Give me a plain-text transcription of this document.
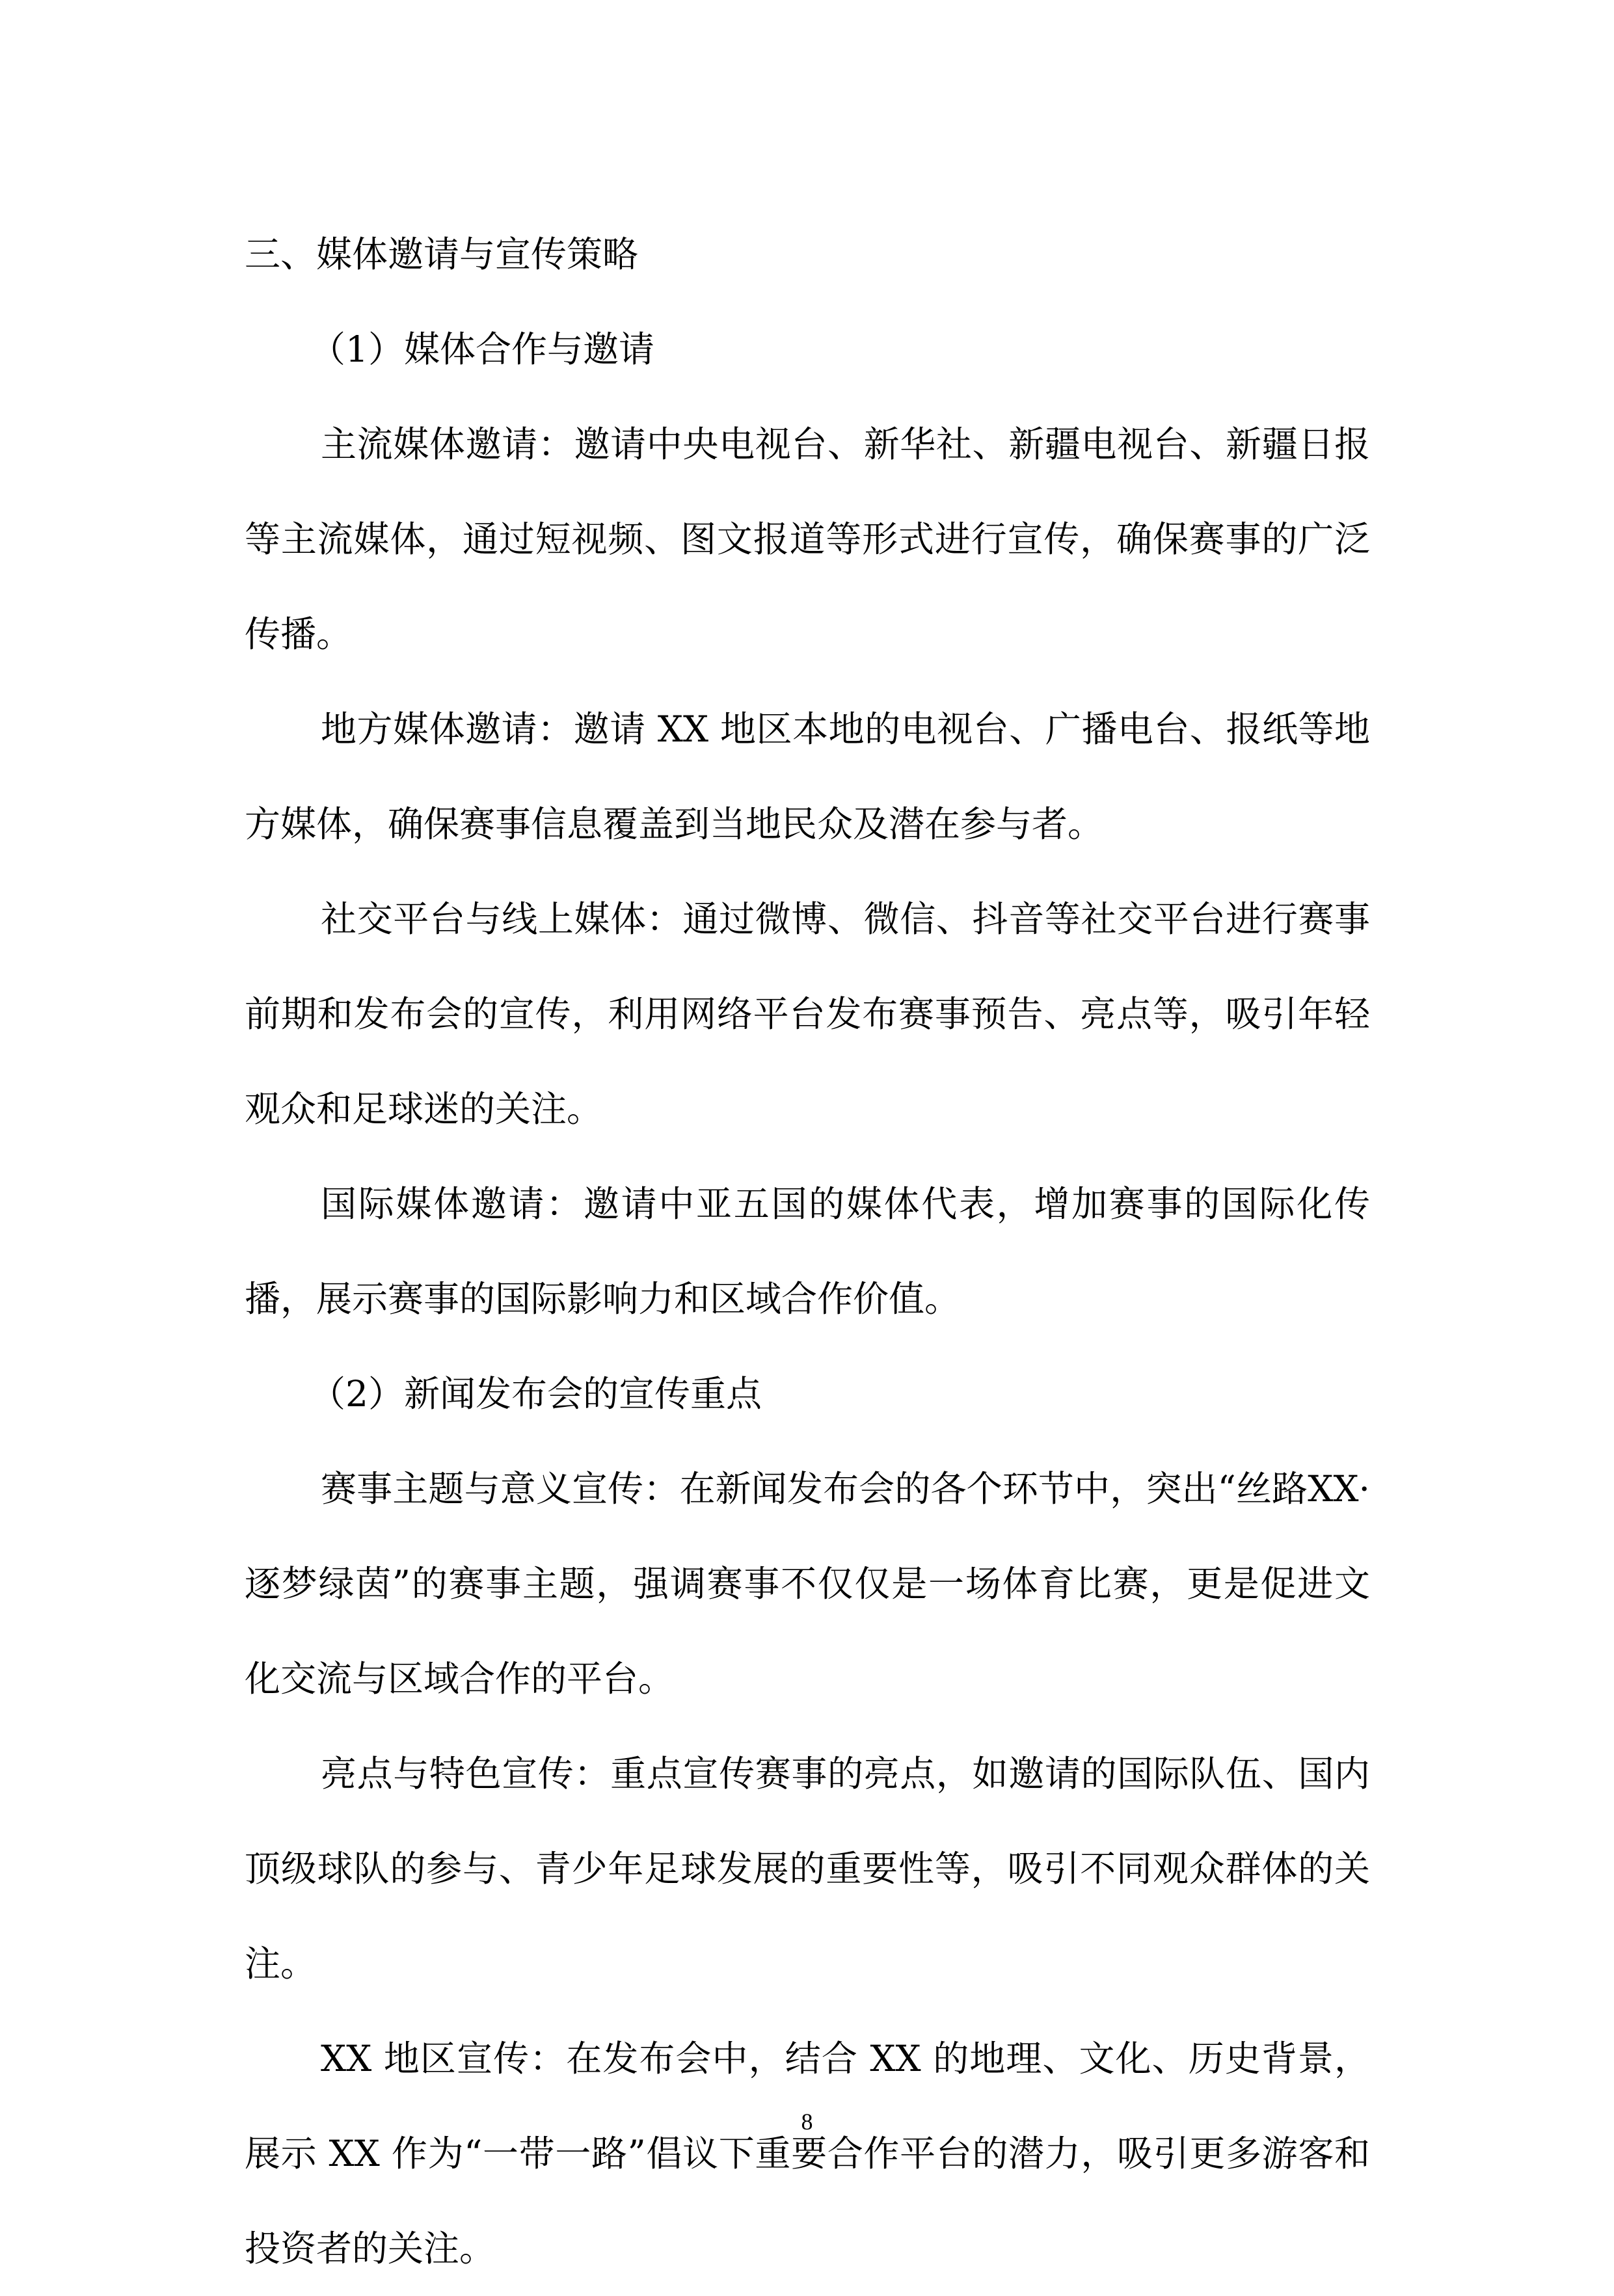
三、媒体邀请与宣传策略

（1）媒体合作与邀请

主流媒体邀请：邀请中央电视台、新华社、新疆电视台、新疆日报等主流媒体，通过短视频、图文报道等形式进行宣传，确保赛事的广泛传播。

地方媒体邀请：邀请 XX 地区本地的电视台、广播电台、报纸等地方媒体，确保赛事信息覆盖到当地民众及潜在参与者。

社交平台与线上媒体：通过微博、微信、抖音等社交平台进行赛事前期和发布会的宣传，利用网络平台发布赛事预告、亮点等，吸引年轻观众和足球迷的关注。

国际媒体邀请：邀请中亚五国的媒体代表，增加赛事的国际化传播，展示赛事的国际影响力和区域合作价值。

（2）新闻发布会的宣传重点

赛事主题与意义宣传：在新闻发布会的各个环节中，突出“丝路XX·逐梦绿茵”的赛事主题，强调赛事不仅仅是一场体育比赛，更是促进文化交流与区域合作的平台。

亮点与特色宣传：重点宣传赛事的亮点，如邀请的国际队伍、国内顶级球队的参与、青少年足球发展的重要性等，吸引不同观众群体的关注。

XX 地区宣传：在发布会中，结合 XX 的地理、文化、历史背景，展示 XX 作为“一带一路”倡议下重要合作平台的潜力，吸引更多游客和投资者的关注。

8
